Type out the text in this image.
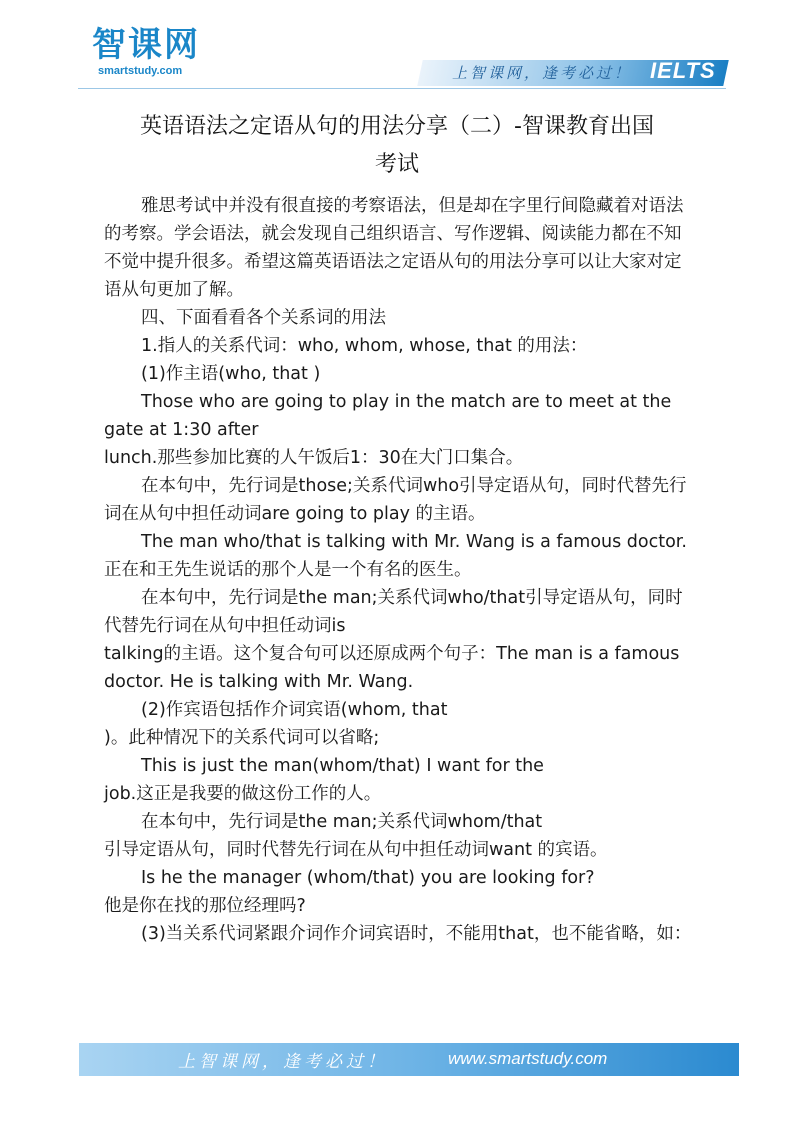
智课网
smartstudy.com	上智课网，逢考必过！ IELTS
英语语法之定语从句的用法分享（二）-智课教育出国
考试

雅思考试中并没有很直接的考察语法，但是却在字里行间隐藏着对语法的考察。学会语法，就会发现自己组织语言、写作逻辑、阅读能力都在不知不觉中提升很多。希望这篇英语语法之定语从句的用法分享可以让大家对定语从句更加了解。

四、下面看看各个关系词的用法

1.指人的关系代词：who, whom, whose, that 的用法：

(1)作主语(who, that )

Those who are going to play in the match are to meet at the gate at 1:30 after

lunch.那些参加比赛的人午饭后1：30在大门口集合。

在本句中，先行词是those;关系代词who引导定语从句，同时代替先行词在从句中担任动词are going to play 的主语。

The man who/that is talking with Mr. Wang is a famous doctor.正在和王先生说话的那个人是一个有名的医生。

在本句中，先行词是the man;关系代词who/that引导定语从句，同时代替先行词在从句中担任动词is

talking的主语。这个复合句可以还原成两个句子：The man is a famous doctor. He is talking with Mr. Wang.

(2)作宾语包括作介词宾语(whom, that

)。此种情况下的关系代词可以省略;

This is just the man(whom/that) I want for the

job.这正是我要的做这份工作的人。

在本句中，先行词是the man;关系代词whom/that

引导定语从句，同时代替先行词在从句中担任动词want 的宾语。

Is he the manager (whom/that) you are looking for?

他是你在找的那位经理吗?

(3)当关系代词紧跟介词作介词宾语时，不能用that，也不能省略，如：

上智课网，逢考必过！	www.smartstudy.com
